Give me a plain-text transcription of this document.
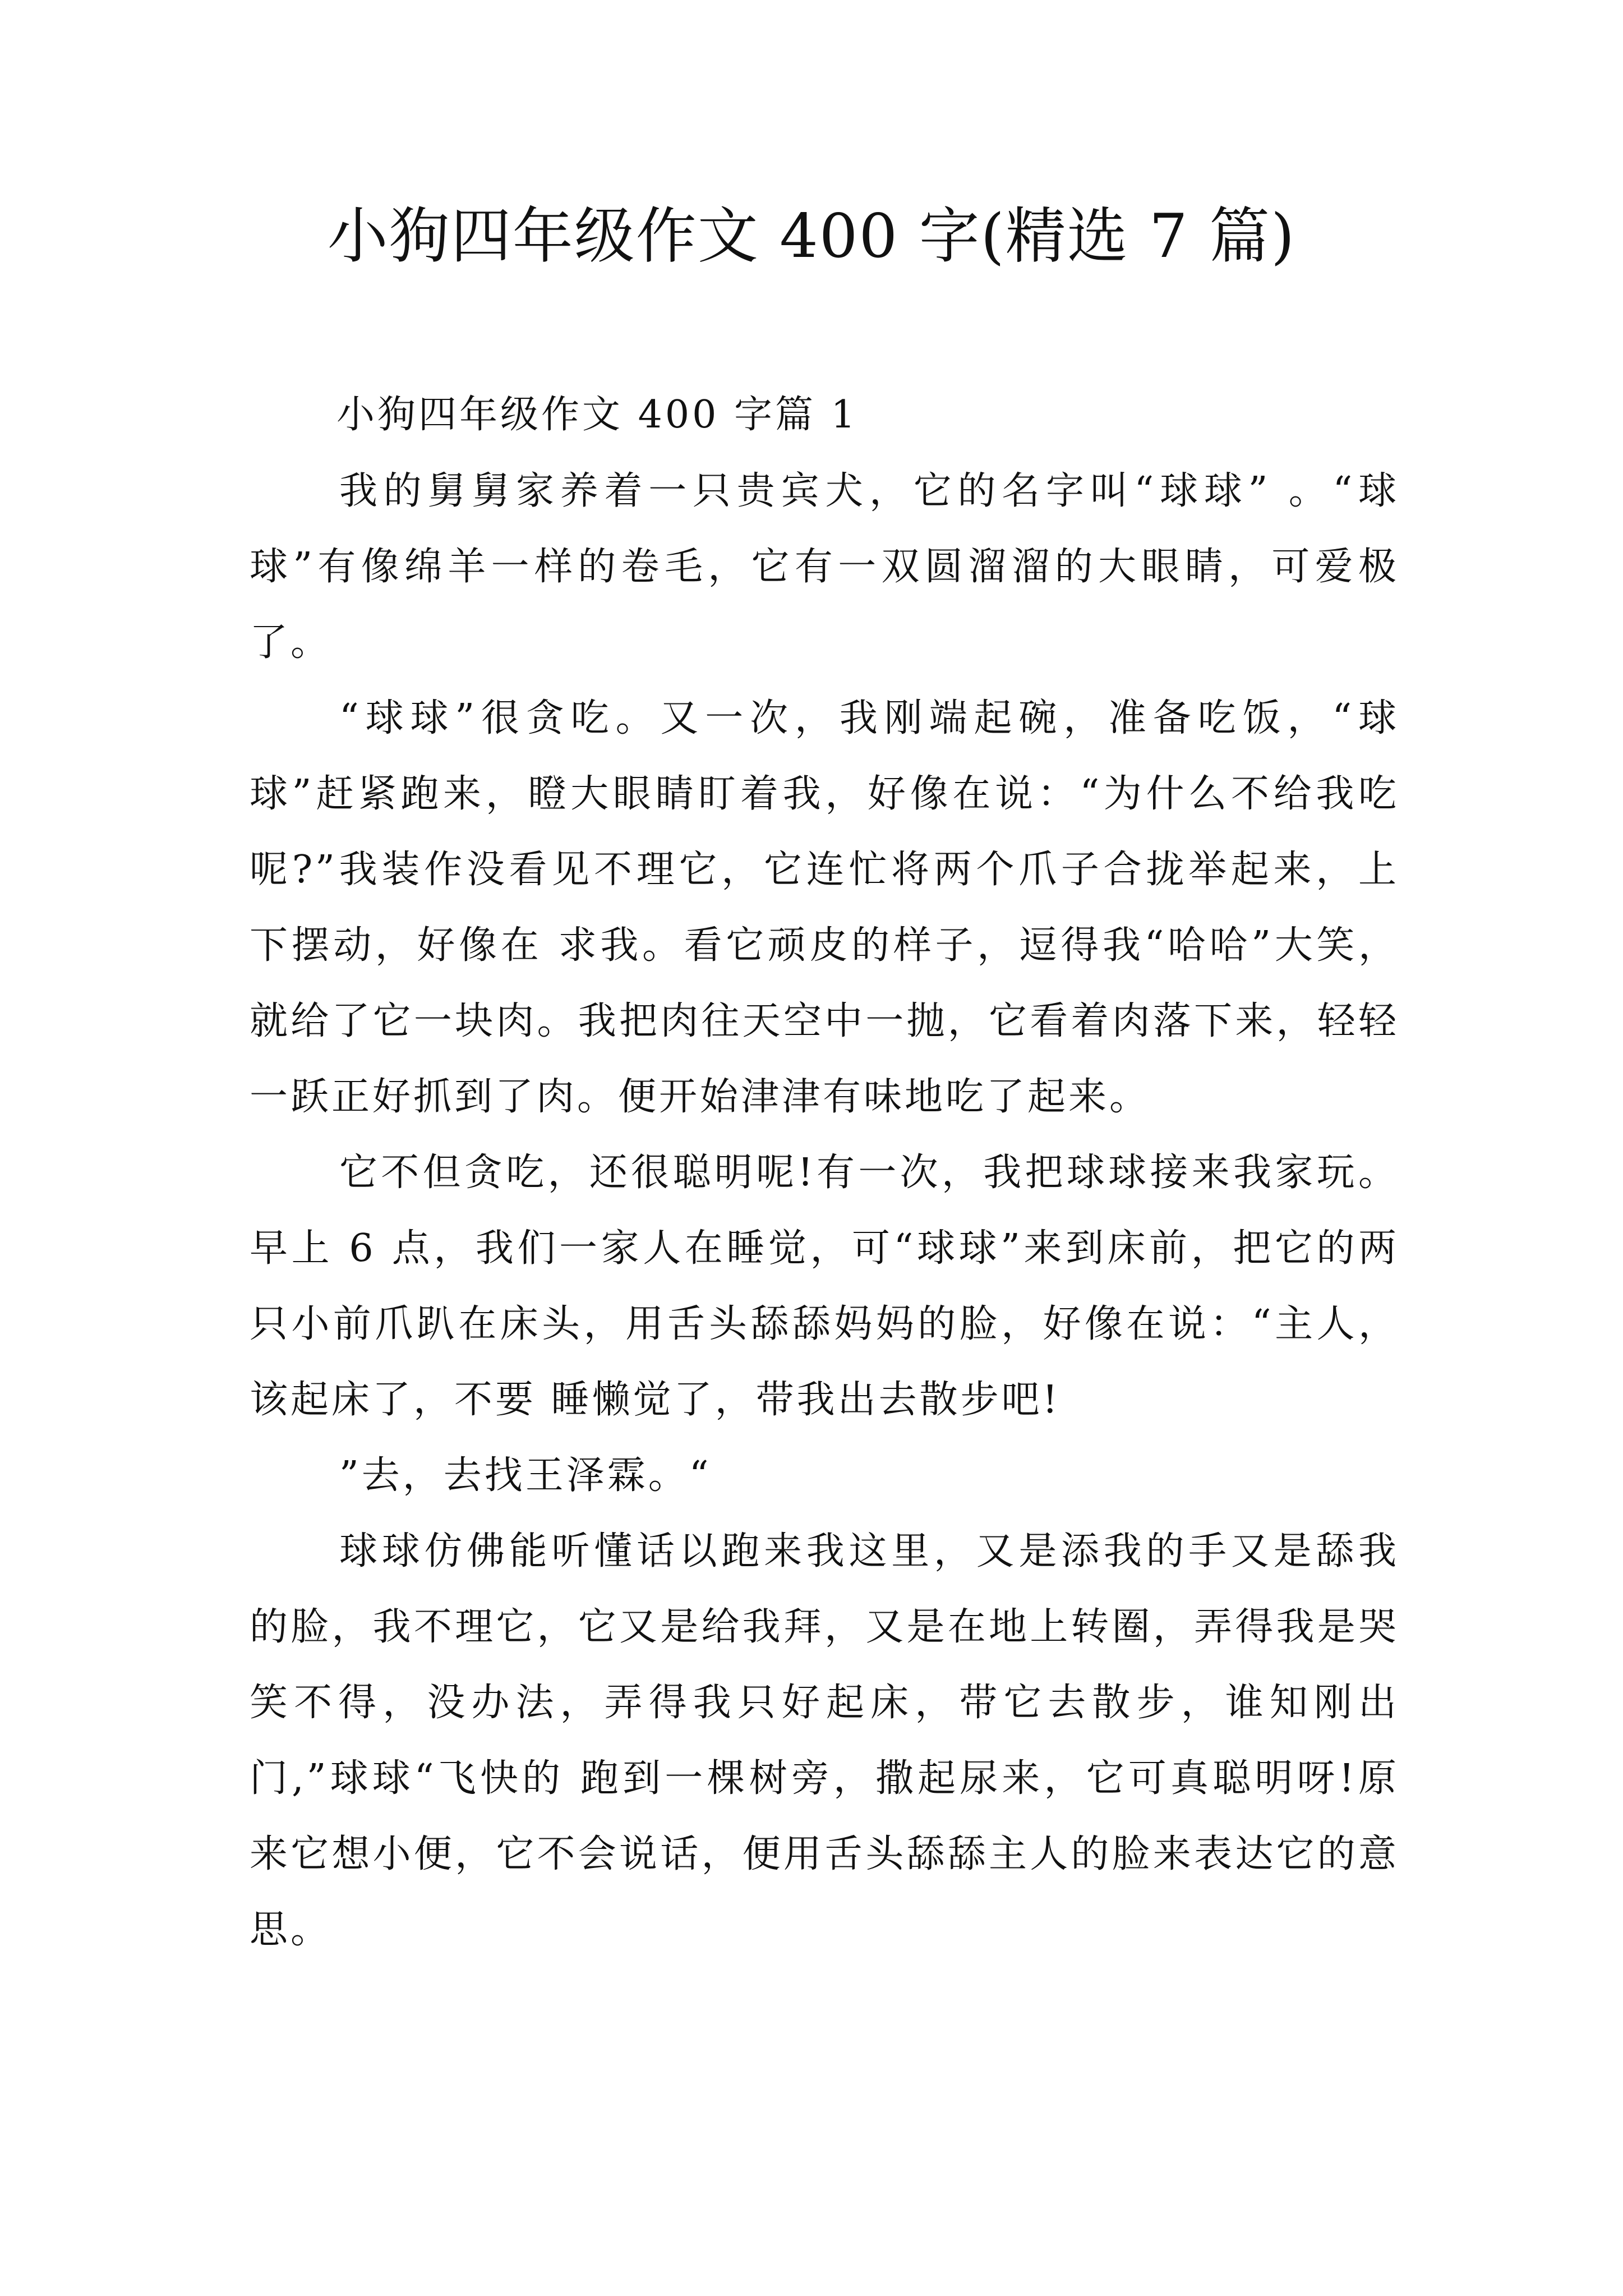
小狗四年级作文 400 字(精选 7 篇)
小狗四年级作文 400 字篇 1

我的舅舅家养着一只贵宾犬，它的名字叫“球球” 。“球球”有像绵羊一样的卷毛，它有一双圆溜溜的大眼睛，可爱极了。

“球球”很贪吃。又一次，我刚端起碗，准备吃饭，“球球”赶紧跑来，瞪大眼睛盯着我，好像在说：“为什么不给我吃呢?”我装作没看见不理它，它连忙将两个爪子合拢举起来，上下摆动，好像在 求我。看它顽皮的样子，逗得我“哈哈”大笑，就给了它一块肉。我把肉往天空中一抛，它看着肉落下来，轻轻一跃正好抓到了肉。便开始津津有味地吃了起来。

它不但贪吃，还很聪明呢!有一次，我把球球接来我家玩。早上 6 点，我们一家人在睡觉，可“球球”来到床前，把它的两只小前爪趴在床头，用舌头舔舔妈妈的脸，好像在说：“主人，该起床了，不要 睡懒觉了，带我出去散步吧!

”去，去找王泽霖。“

球球仿佛能听懂话以跑来我这里，又是添我的手又是舔我的脸，我不理它，它又是给我拜，又是在地上转圈，弄得我是哭笑不得，没办法，弄得我只好起床，带它去散步，谁知刚出门,”球球“飞快的 跑到一棵树旁，撒起尿来，它可真聪明呀!原来它想小便，它不会说话，便用舌头舔舔主人的脸来表达它的意思。
